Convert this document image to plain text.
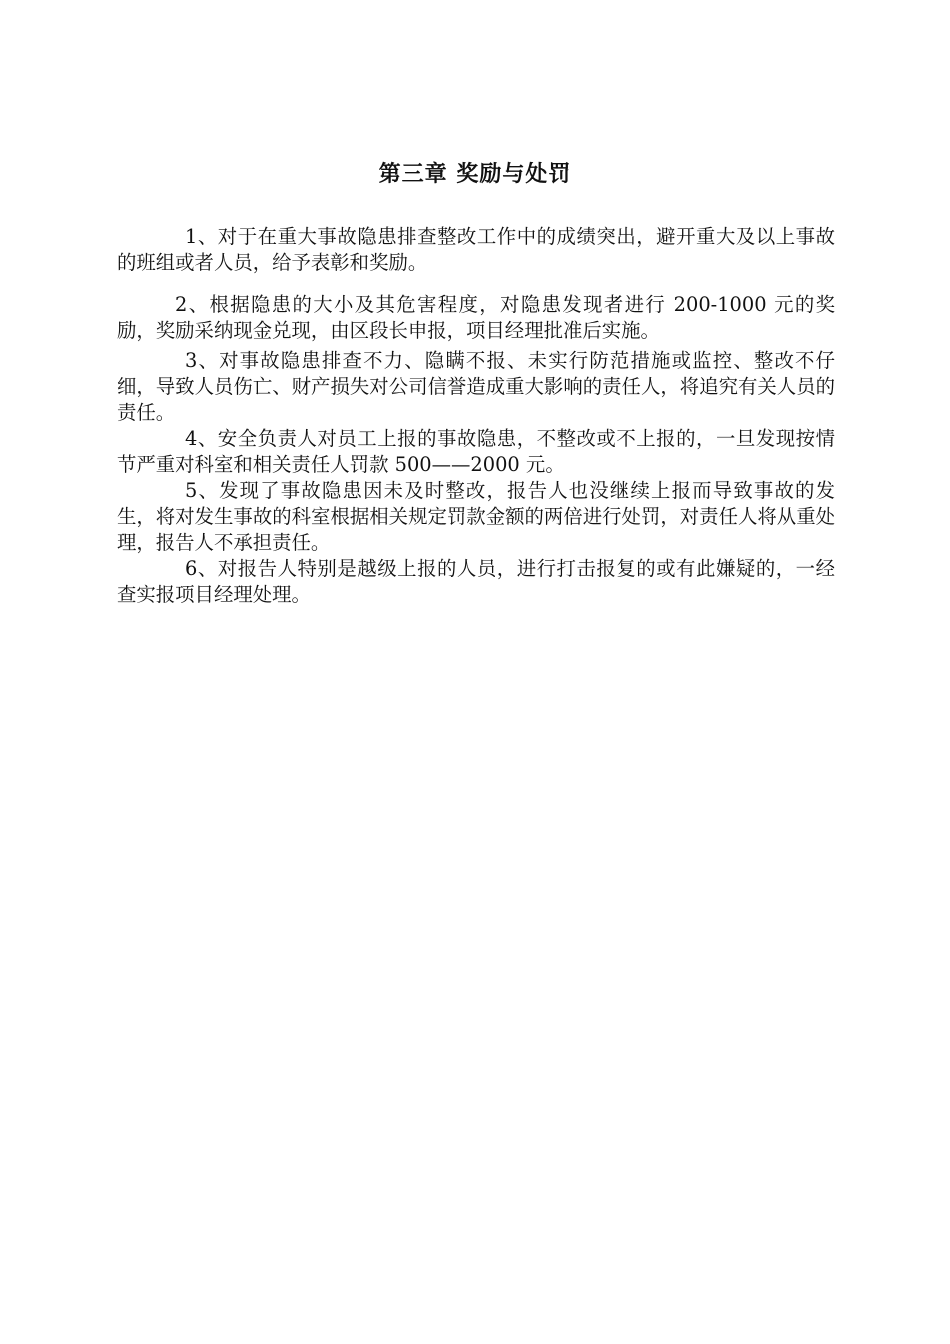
第三章 奖励与处罚

1、对于在重大事故隐患排查整改工作中的成绩突出，避开重大及以上事故的班组或者人员，给予表彰和奖励。

2、根据隐患的大小及其危害程度，对隐患发现者进行 200-1000 元的奖励，奖励采纳现金兑现，由区段长申报，项目经理批准后实施。

3、对事故隐患排查不力、隐瞒不报、未实行防范措施或监控、整改不仔细，导致人员伤亡、财产损失对公司信誉造成重大影响的责任人，将追究有关人员的责任。

4、安全负责人对员工上报的事故隐患，不整改或不上报的，一旦发现按情节严重对科室和相关责任人罚款 500——2000 元。

5、发现了事故隐患因未及时整改，报告人也没继续上报而导致事故的发生，将对发生事故的科室根据相关规定罚款金额的两倍进行处罚，对责任人将从重处理，报告人不承担责任。

6、对报告人特别是越级上报的人员，进行打击报复的或有此嫌疑的，一经查实报项目经理处理。
